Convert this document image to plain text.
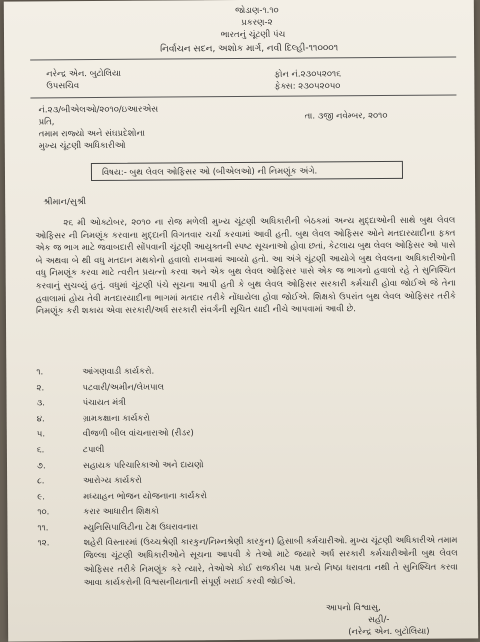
જોડાણ-૧.૧૦
પ્રકરણ-૨
ભારતનું ચૂંટણી પંચ
નિર્વાચન સદન, અશોક માર્ગ, નવી દિલ્હી-૧૧૦૦૦૧
નરેન્દ્ર એન. બુટોલિયા
ઉપસચિવ
ફોન નં.૨૩૦૫૨૦૧૬
ફેક્સ: ૨૩૦૫૨૦૫૦
નં.૨૩/બીએલઓ/૨૦૧૦/ઇઆરએસ
પ્રતિ,
તમામ રાજ્યો અને સંઘપ્રદેશોના
તા. ૩જી નવેમ્બર, ૨૦૧૦
મુખ્ય ચૂંટણી અધિકારીઓ
વિષય:- બુથ લેવલ ઓફિસર ઓ (બીએલઓ) ની નિમણૂંક અંગે.
શ્રીમાન/સુશ્રી
૨૬ મી ઓક્ટોબર, ૨૦૧૦ ના રોજ મળેલી મુખ્ય ચૂંટણી અધિકારીની બેઠકમાં અન્ય મુદ્દાઓની સાથે બુથ લેવલ ઓફિસર ની નિમણૂંક કરવાના મુદ્દાની વિગતવાર ચર્ચા કરવામાં આવી હતી. બુથ લેવલ ઓફિસર ઓને મતદારયાદીના ફક્ત એક જ ભાગ માટે જવાબદારી સોંપવાની ચૂંટણી આયુક્તની સ્પષ્ટ સૂચનાઓ હોવા છતાં, કેટલાય બુથ લેવલ ઓફિસર ઓ પાસે બે અથવા બે થી વધુ મતદાન મથકોનો હવાલો રાખવામાં આવ્યો હતો. આ અંગે ચૂંટણી આયોગે બુથ લેવલના અધિકારીઓની વધુ નિમણૂંક કરવા માટે ત્વરીત પ્રયત્નો કરવા અને એક બુથ લેવલ ઓફિસર પાસે એક જ ભાગનો હવાલો રહે તે સુનિશ્ચિત કરવાનું સુચવ્યું હતું. વધુમાં ચૂંટણી પંચે સૂચના આપી હતી કે બુથ લેવલ ઓફિસર સરકારી કર્મચારી હોવા જોઈએ જે તેના હવાલામાં હોય તેવી મતદારયાદીના ભાગમાં મતદાર તરીકે નોંધાયેલા હોવા જોઈએ. શિક્ષકો ઉપરાંત બુથ લેવલ ઓફિસર તરીકે નિમણૂંક કરી શકાય એવા સરકારી/અર્ધ સરકારી સંવર્ગની સૂચિત યાદી નીચે આપવામાં આવી છે.
૧.	આંગણવાડી કાર્યકરો.
૨.	પટવારી/અમીન/લેખપાલ
૩.	પંચાયત મંત્રી
૪.	ગ્રામકક્ષાના કાર્યકરો
૫.	વીજળી બીલ વાંચનારાઓ (રીડર)
૬.	ટપાલી
૭.	સહાયક પરિચારિકાઓ અને દાયણો
૮.	આરોગ્ય કાર્યકરો
૯.	મધ્યાહન ભોજન યોજનાના કાર્યકરો
૧૦.	કરાર આધારીત શિક્ષકો
૧૧.	મ્યુનિસિપાલિટીના ટેક્ષ ઉઘરાવનારા
૧૨.	શહેરી વિસ્તારમાં (ઉચ્ચશ્રેણી કારકુન/નિમ્નશ્રેણી કારકુન) હિસાબી કર્મચારીઓ. મુખ્ય ચૂંટણી અધિકારીએ તમામ જિલ્લા ચૂંટણી અધિકારીઓને સૂચના આપવી કે તેઓ માટે જયારે અર્ધ સરકારી કર્મચારીઓની બુથ લેવલ ઓફિસર તરીકે નિમણૂંક કરે ત્યારે, તેઓએ કોઈ રાજકીય પક્ષ પ્રત્યે નિષ્ઠા ધરાવતા નથી તે સુનિશ્ચિત કરવા આવા કાર્યકરોની વિશ્વસનીયતાની સંપૂર્ણ ખરાઈ કરવી જોઈએ.
આપનો વિશ્વાસુ,
સહી/-
(નરેન્દ્ર એન. બુટોલિયા)
